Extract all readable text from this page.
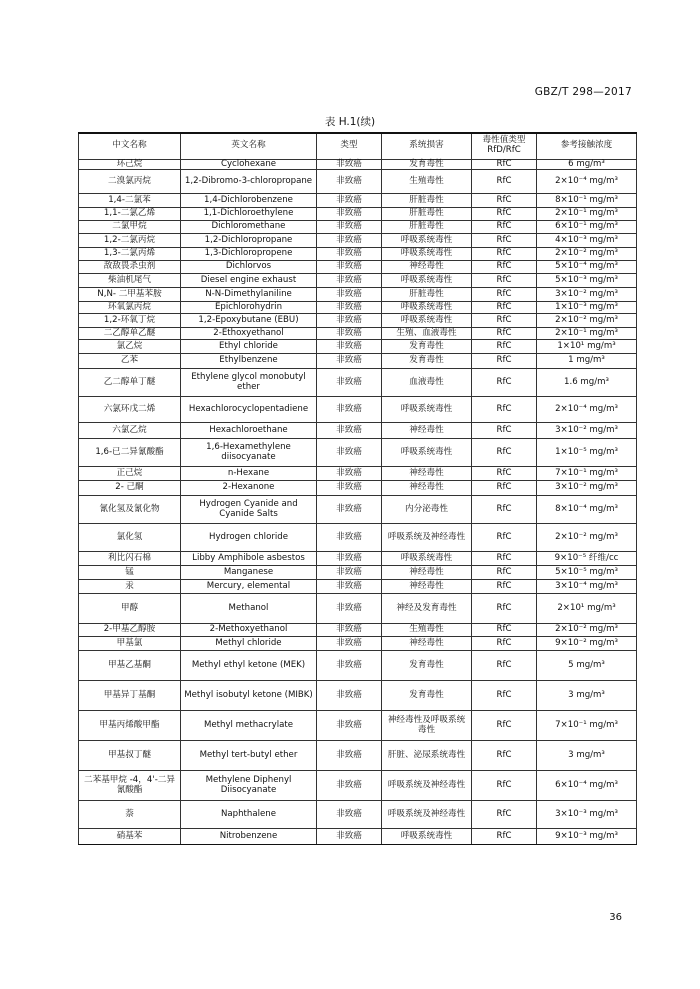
GBZ/T 298—2017
表 H.1(续)
中文名称	英文名称	类型	系统损害	毒性值类型RfD/RfC	参考接触浓度
环己烷	Cyclohexane	非致癌	发育毒性	RfC	6 mg/m³
二溴氯丙烷	1,2-Dibromo-3-chloropropane	非致癌	生殖毒性	RfC	2×10⁻⁴ mg/m³
1,4-二氯苯	1,4-Dichlorobenzene	非致癌	肝脏毒性	RfC	8×10⁻¹ mg/m³
1,1-二氯乙烯	1,1-Dichloroethylene	非致癌	肝脏毒性	RfC	2×10⁻¹ mg/m³
二氯甲烷	Dichloromethane	非致癌	肝脏毒性	RfC	6×10⁻¹ mg/m³
1,2-二氯丙烷	1,2-Dichloropropane	非致癌	呼吸系统毒性	RfC	4×10⁻³ mg/m³
1,3-二氯丙烯	1,3-Dichloropropene	非致癌	呼吸系统毒性	RfC	2×10⁻² mg/m³
敌敌畏杀虫剂	Dichlorvos	非致癌	神经毒性	RfC	5×10⁻⁴ mg/m³
柴油机尾气	Diesel engine exhaust	非致癌	呼吸系统毒性	RfC	5×10⁻³ mg/m³
N,N- 二甲基苯胺	N-N-Dimethylaniline	非致癌	肝脏毒性	RfC	3×10⁻² mg/m³
环氧氯丙烷	Epichlorohydrin	非致癌	呼吸系统毒性	RfC	1×10⁻³ mg/m³
1,2-环氧丁烷	1,2-Epoxybutane (EBU)	非致癌	呼吸系统毒性	RfC	2×10⁻² mg/m³
二乙醇单乙醚	2-Ethoxyethanol	非致癌	生殖、血液毒性	RfC	2×10⁻¹ mg/m³
氯乙烷	Ethyl chloride	非致癌	发育毒性	RfC	1×10¹ mg/m³
乙苯	Ethylbenzene	非致癌	发育毒性	RfC	1 mg/m³
乙二醇单丁醚	Ethylene glycol monobutyl ether	非致癌	血液毒性	RfC	1.6 mg/m³
六氯环戊二烯	Hexachlorocyclopentadiene	非致癌	呼吸系统毒性	RfC	2×10⁻⁴ mg/m³
六氯乙烷	Hexachloroethane	非致癌	神经毒性	RfC	3×10⁻² mg/m³
1,6-已二异氰酸酯	1,6-Hexamethylene diisocyanate	非致癌	呼吸系统毒性	RfC	1×10⁻⁵ mg/m³
正己烷	n-Hexane	非致癌	神经毒性	RfC	7×10⁻¹ mg/m³
2- 己酮	2-Hexanone	非致癌	神经毒性	RfC	3×10⁻² mg/m³
氰化氢及氰化物	Hydrogen Cyanide and Cyanide Salts	非致癌	内分泌毒性	RfC	8×10⁻⁴ mg/m³
氯化氢	Hydrogen chloride	非致癌	呼吸系统及神经毒性	RfC	2×10⁻² mg/m³
利比闪石棉	Libby Amphibole asbestos	非致癌	呼吸系统毒性	RfC	9×10⁻⁵ 纤维/cc
锰	Manganese	非致癌	神经毒性	RfC	5×10⁻⁵ mg/m³
汞	Mercury, elemental	非致癌	神经毒性	RfC	3×10⁻⁴ mg/m³
甲醇	Methanol	非致癌	神经及发育毒性	RfC	2×10¹ mg/m³
2-甲基乙醇胺	2-Methoxyethanol	非致癌	生殖毒性	RfC	2×10⁻² mg/m³
甲基氯	Methyl chloride	非致癌	神经毒性	RfC	9×10⁻² mg/m³
甲基乙基酮	Methyl ethyl ketone (MEK)	非致癌	发育毒性	RfC	5 mg/m³
甲基异丁基酮	Methyl isobutyl ketone (MIBK)	非致癌	发育毒性	RfC	3 mg/m³
甲基丙烯酸甲酯	Methyl methacrylate	非致癌	神经毒性及呼吸系统毒性	RfC	7×10⁻¹ mg/m³
甲基叔丁醚	Methyl tert-butyl ether	非致癌	肝脏、泌尿系统毒性	RfC	3 mg/m³
二苯基甲烷 -4，4'-二异氰酸酯	Methylene Diphenyl Diisocyanate	非致癌	呼吸系统及神经毒性	RfC	6×10⁻⁴ mg/m³
萘	Naphthalene	非致癌	呼吸系统及神经毒性	RfC	3×10⁻³ mg/m³
硝基苯	Nitrobenzene	非致癌	呼吸系统毒性	RfC	9×10⁻³ mg/m³
36
